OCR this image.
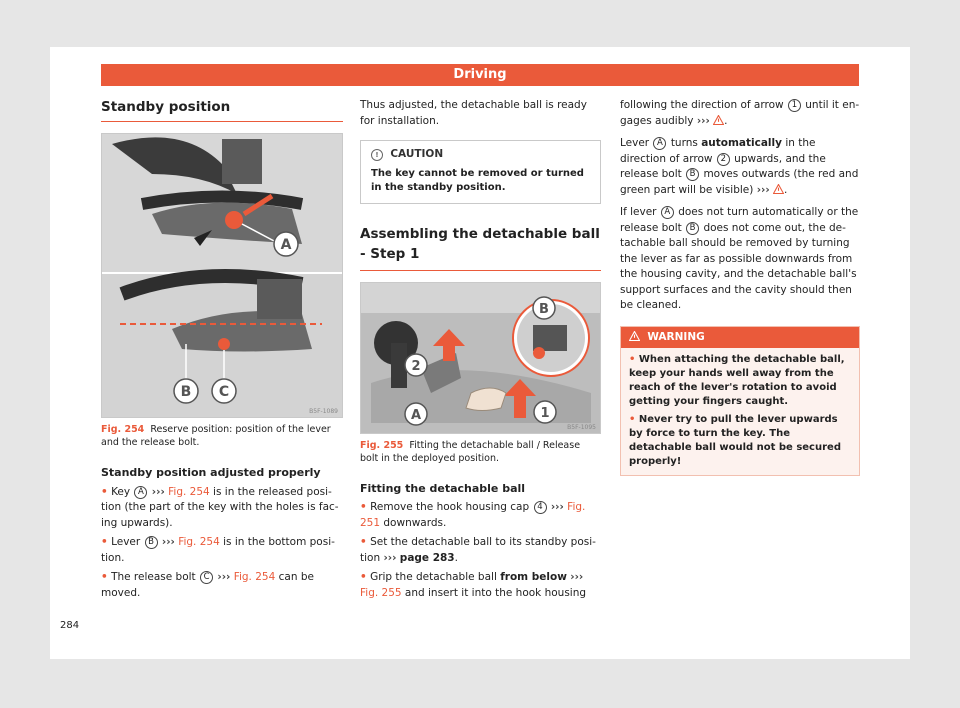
Driving
Standby position
A
B C
B5F-1089
Fig. 254 Reserve position: position of the lever and the release bolt.
Standby position adjusted properly
• Key A ››› Fig. 254 is in the released posi- tion (the part of the key with the holes is fac- ing upwards).
• Lever B ››› Fig. 254 is in the bottom posi- tion.
• The release bolt C ››› Fig. 254 can be moved.
Thus adjusted, the detachable ball is ready for installation.
! CAUTION
The key cannot be removed or turned in the standby position.
Assembling the detachable ball - Step 1
B
2
A	1
B5F-1095
Fig. 255 Fitting the detachable ball / Release bolt in the deployed position.
Fitting the detachable ball
• Remove the hook housing cap 4 ››› Fig. 251 downwards.
• Set the detachable ball to its standby posi- tion ››› page 283.
• Grip the detachable ball from below ››› Fig. 255 and insert it into the hook housing
following the direction of arrow 1 until it en- gages audibly ››› .
Lever A turns automatically in the direction of arrow 2 upwards, and the release bolt B moves outwards (the red and green part will be visible) ››› .
If lever A does not turn automatically or the release bolt B does not come out, the de- tachable ball should be removed by turning the lever as far as possible downwards from the housing cavity, and the detachable ball's support surfaces and the cavity should then be cleaned.
WARNING
• When attaching the detachable ball, keep your hands well away from the reach of the lever's rotation to avoid getting your fingers caught.
• Never try to pull the lever upwards by force to turn the key. The detachable ball would not be secured properly!
284
